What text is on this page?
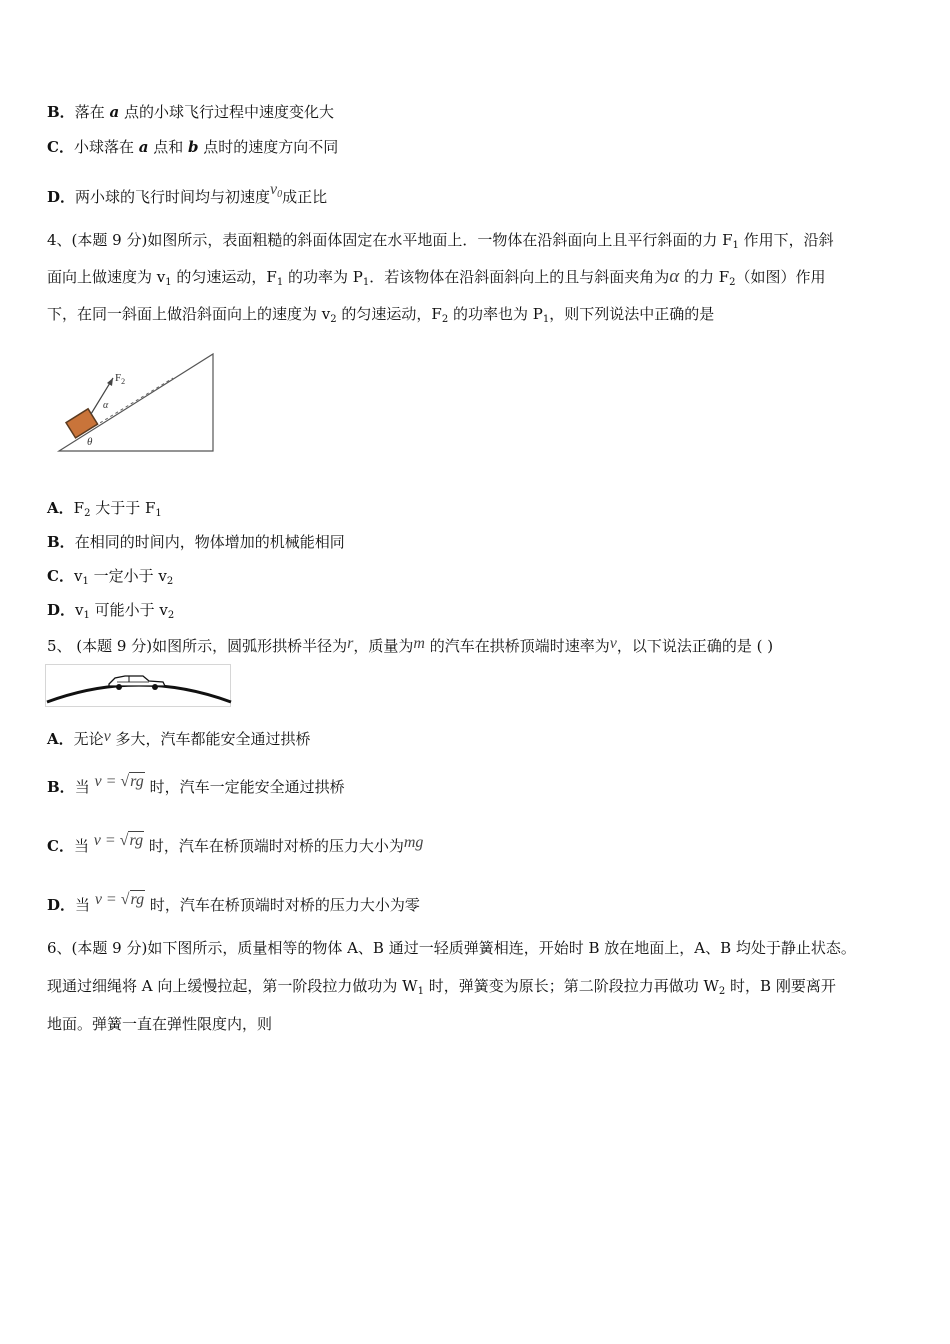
B．落在 a 点的小球飞行过程中速度变化大
C．小球落在 a 点和 b 点时的速度方向不同
D．两小球的飞行时间均与初速度$v_0$成正比
4、(本题 9 分)如图所示，表面粗糙的斜面体固定在水平地面上．一物体在沿斜面向上且平行斜面的力 $F_1$ 作用下，沿斜
面向上做速度为 $v_1$ 的匀速运动，$F_1$ 的功率为 $P_1$．若该物体在沿斜面斜向上的且与斜面夹角为α 的力 $F_2$（如图）作用
下，在同一斜面上做沿斜面向上的速度为 $v_2$ 的匀速运动，$F_2$ 的功率也为 $P_1$，则下列说法中正确的是
$F_2$
α
θ
A．$F_2$ 大于于 $F_1$
B．在相同的时间内，物体增加的机械能相同
C．$v_1$ 一定小于 $v_2$
D．$v_1$ 可能小于 $v_2$
5、 (本题 9 分)如图所示，圆弧形拱桥半径为r，质量为m 的汽车在拱桥顶端时速率为v，以下说法正确的是 ( )
A．无论v 多大，汽车都能安全通过拱桥
B．当 v = √rg 时，汽车一定能安全通过拱桥
C．当 v = √rg 时，汽车在桥顶端时对桥的压力大小为mg
D．当 v = √rg 时，汽车在桥顶端时对桥的压力大小为零
6、(本题 9 分)如下图所示，质量相等的物体 A、B 通过一轻质弹簧相连，开始时 B 放在地面上，A、B 均处于静止状态。
现通过细绳将 A 向上缓慢拉起，第一阶段拉力做功为 $W_1$ 时，弹簧变为原长；第二阶段拉力再做功 $W_2$ 时，B 刚要离开
地面。弹簧一直在弹性限度内，则
